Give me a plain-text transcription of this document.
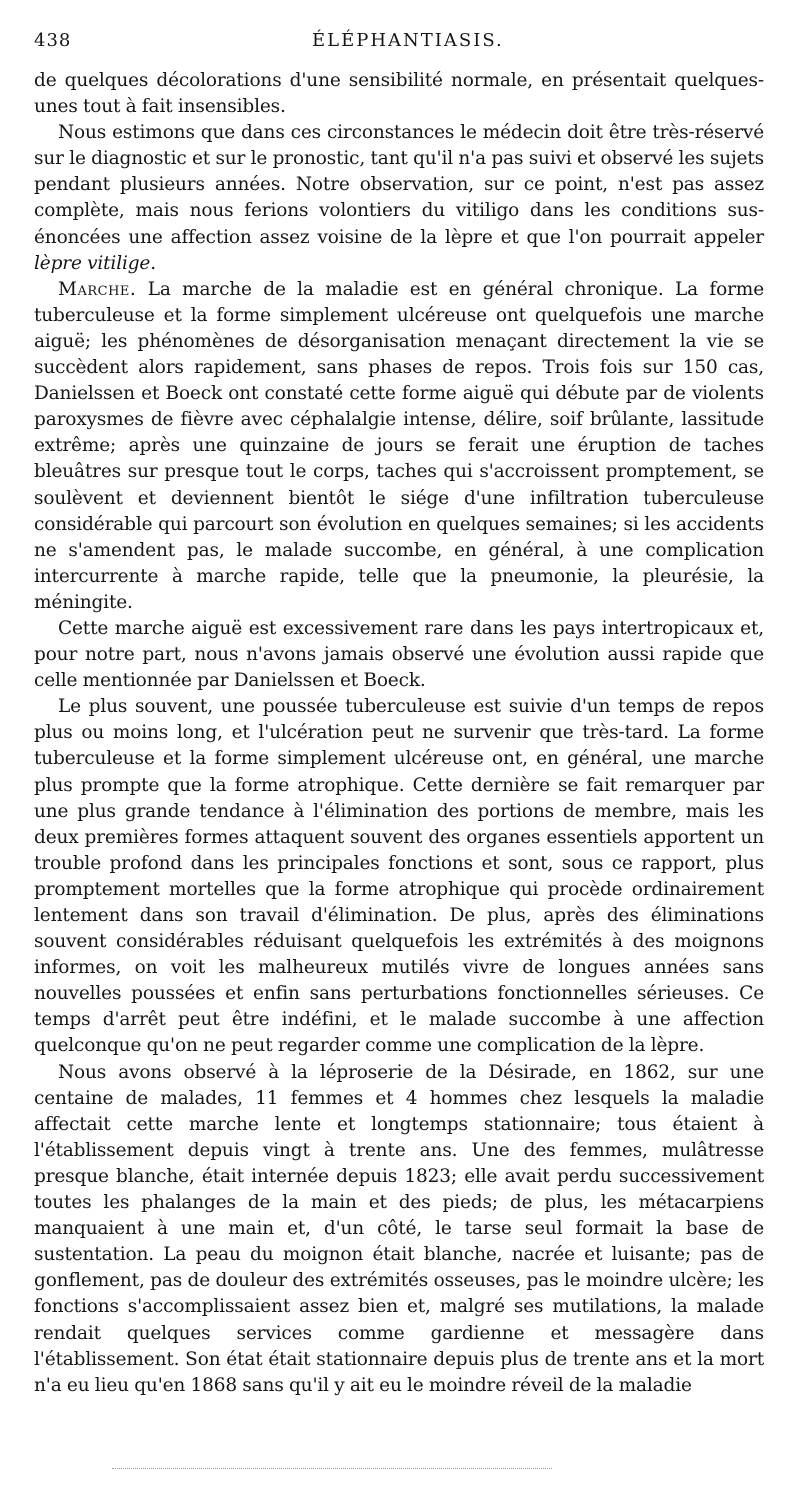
438	ÉLÉPHANTIASIS.

de quelques décolorations d'une sensibilité normale, en présentait quelques-unes tout à fait insensibles.

Nous estimons que dans ces circonstances le médecin doit être très-réservé sur le diagnostic et sur le pronostic, tant qu'il n'a pas suivi et observé les sujets pendant plusieurs années. Notre observation, sur ce point, n'est pas assez complète, mais nous ferions volontiers du vitiligo dans les conditions sus-énoncées une affection assez voisine de la lèpre et que l'on pourrait appeler lèpre vitilige.

Marche. La marche de la maladie est en général chronique. La forme tuberculeuse et la forme simplement ulcéreuse ont quelquefois une marche aiguë; les phénomènes de désorganisation menaçant directement la vie se succèdent alors rapidement, sans phases de repos. Trois fois sur 150 cas, Danielssen et Boeck ont constaté cette forme aiguë qui débute par de violents paroxysmes de fièvre avec céphalalgie intense, délire, soif brûlante, lassitude extrême; après une quinzaine de jours se ferait une éruption de taches bleuâtres sur presque tout le corps, taches qui s'accroissent promptement, se soulèvent et deviennent bientôt le siége d'une infiltration tuberculeuse considérable qui parcourt son évolution en quelques semaines; si les accidents ne s'amendent pas, le malade succombe, en général, à une complication intercurrente à marche rapide, telle que la pneumonie, la pleurésie, la méningite.

Cette marche aiguë est excessivement rare dans les pays intertropicaux et, pour notre part, nous n'avons jamais observé une évolution aussi rapide que celle mentionnée par Danielssen et Boeck.

Le plus souvent, une poussée tuberculeuse est suivie d'un temps de repos plus ou moins long, et l'ulcération peut ne survenir que très-tard. La forme tuberculeuse et la forme simplement ulcéreuse ont, en général, une marche plus prompte que la forme atrophique. Cette dernière se fait remarquer par une plus grande tendance à l'élimination des portions de membre, mais les deux premières formes attaquent souvent des organes essentiels apportent un trouble profond dans les principales fonctions et sont, sous ce rapport, plus promptement mortelles que la forme atrophique qui procède ordinairement lentement dans son travail d'élimination. De plus, après des éliminations souvent considérables réduisant quelquefois les extrémités à des moignons informes, on voit les malheureux mutilés vivre de longues années sans nouvelles poussées et enfin sans perturbations fonctionnelles sérieuses. Ce temps d'arrêt peut être indéfini, et le malade succombe à une affection quelconque qu'on ne peut regarder comme une complication de la lèpre.

Nous avons observé à la léproserie de la Désirade, en 1862, sur une centaine de malades, 11 femmes et 4 hommes chez lesquels la maladie affectait cette marche lente et longtemps stationnaire; tous étaient à l'établissement depuis vingt à trente ans. Une des femmes, mulâtresse presque blanche, était internée depuis 1823; elle avait perdu successivement toutes les phalanges de la main et des pieds; de plus, les métacarpiens manquaient à une main et, d'un côté, le tarse seul formait la base de sustentation. La peau du moignon était blanche, nacrée et luisante; pas de gonflement, pas de douleur des extrémités osseuses, pas le moindre ulcère; les fonctions s'accomplissaient assez bien et, malgré ses mutilations, la malade rendait quelques services comme gardienne et messagère dans l'établissement. Son état était stationnaire depuis plus de trente ans et la mort n'a eu lieu qu'en 1868 sans qu'il y ait eu le moindre réveil de la maladie
